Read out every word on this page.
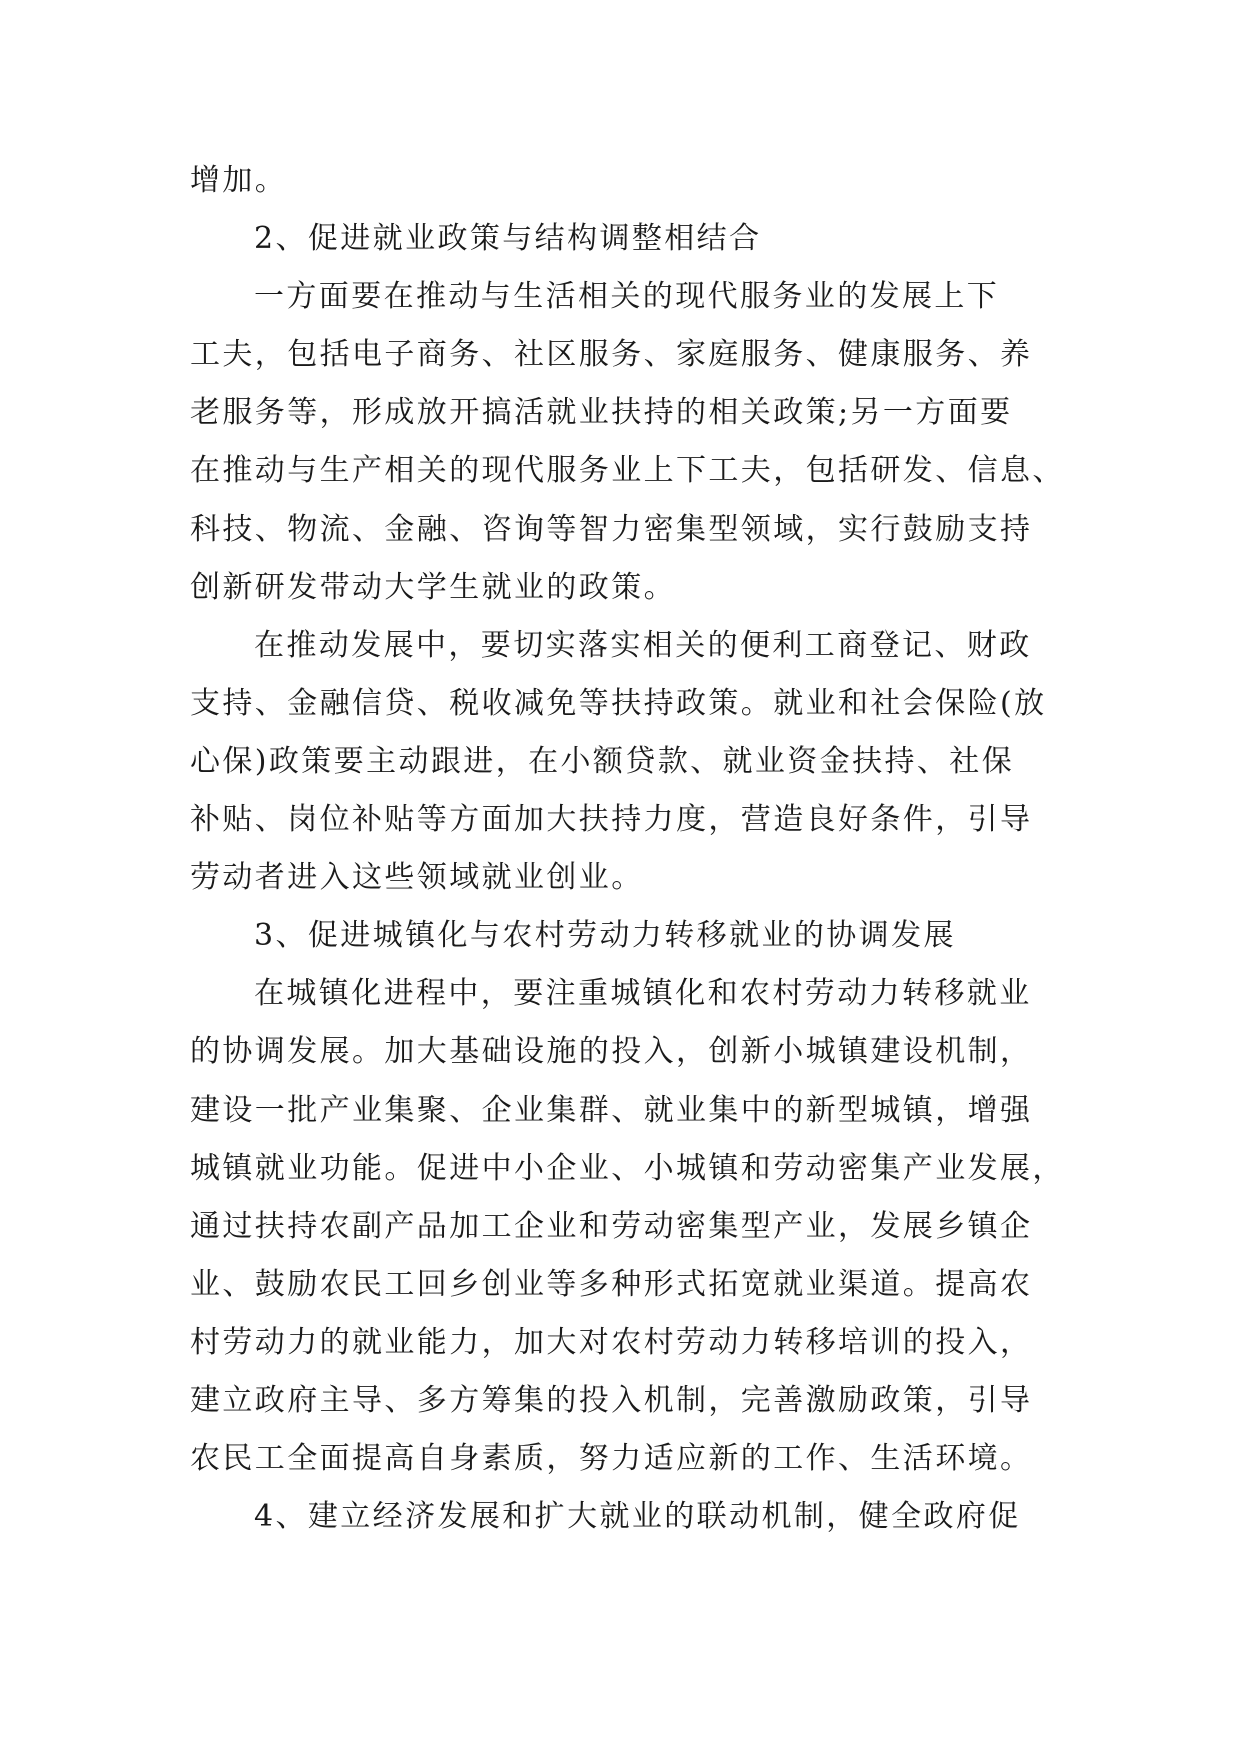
增加。
2、促进就业政策与结构调整相结合
一方面要在推动与生活相关的现代服务业的发展上下
工夫，包括电子商务、社区服务、家庭服务、健康服务、养
老服务等，形成放开搞活就业扶持的相关政策;另一方面要
在推动与生产相关的现代服务业上下工夫，包括研发、信息、
科技、物流、金融、咨询等智力密集型领域，实行鼓励支持
创新研发带动大学生就业的政策。
在推动发展中，要切实落实相关的便利工商登记、财政
支持、金融信贷、税收减免等扶持政策。就业和社会保险(放
心保)政策要主动跟进，在小额贷款、就业资金扶持、社保
补贴、岗位补贴等方面加大扶持力度，营造良好条件，引导
劳动者进入这些领域就业创业。
3、促进城镇化与农村劳动力转移就业的协调发展
在城镇化进程中，要注重城镇化和农村劳动力转移就业
的协调发展。加大基础设施的投入，创新小城镇建设机制，
建设一批产业集聚、企业集群、就业集中的新型城镇，增强
城镇就业功能。促进中小企业、小城镇和劳动密集产业发展，
通过扶持农副产品加工企业和劳动密集型产业，发展乡镇企
业、鼓励农民工回乡创业等多种形式拓宽就业渠道。提高农
村劳动力的就业能力，加大对农村劳动力转移培训的投入，
建立政府主导、多方筹集的投入机制，完善激励政策，引导
农民工全面提高自身素质，努力适应新的工作、生活环境。
4、建立经济发展和扩大就业的联动机制，健全政府促
